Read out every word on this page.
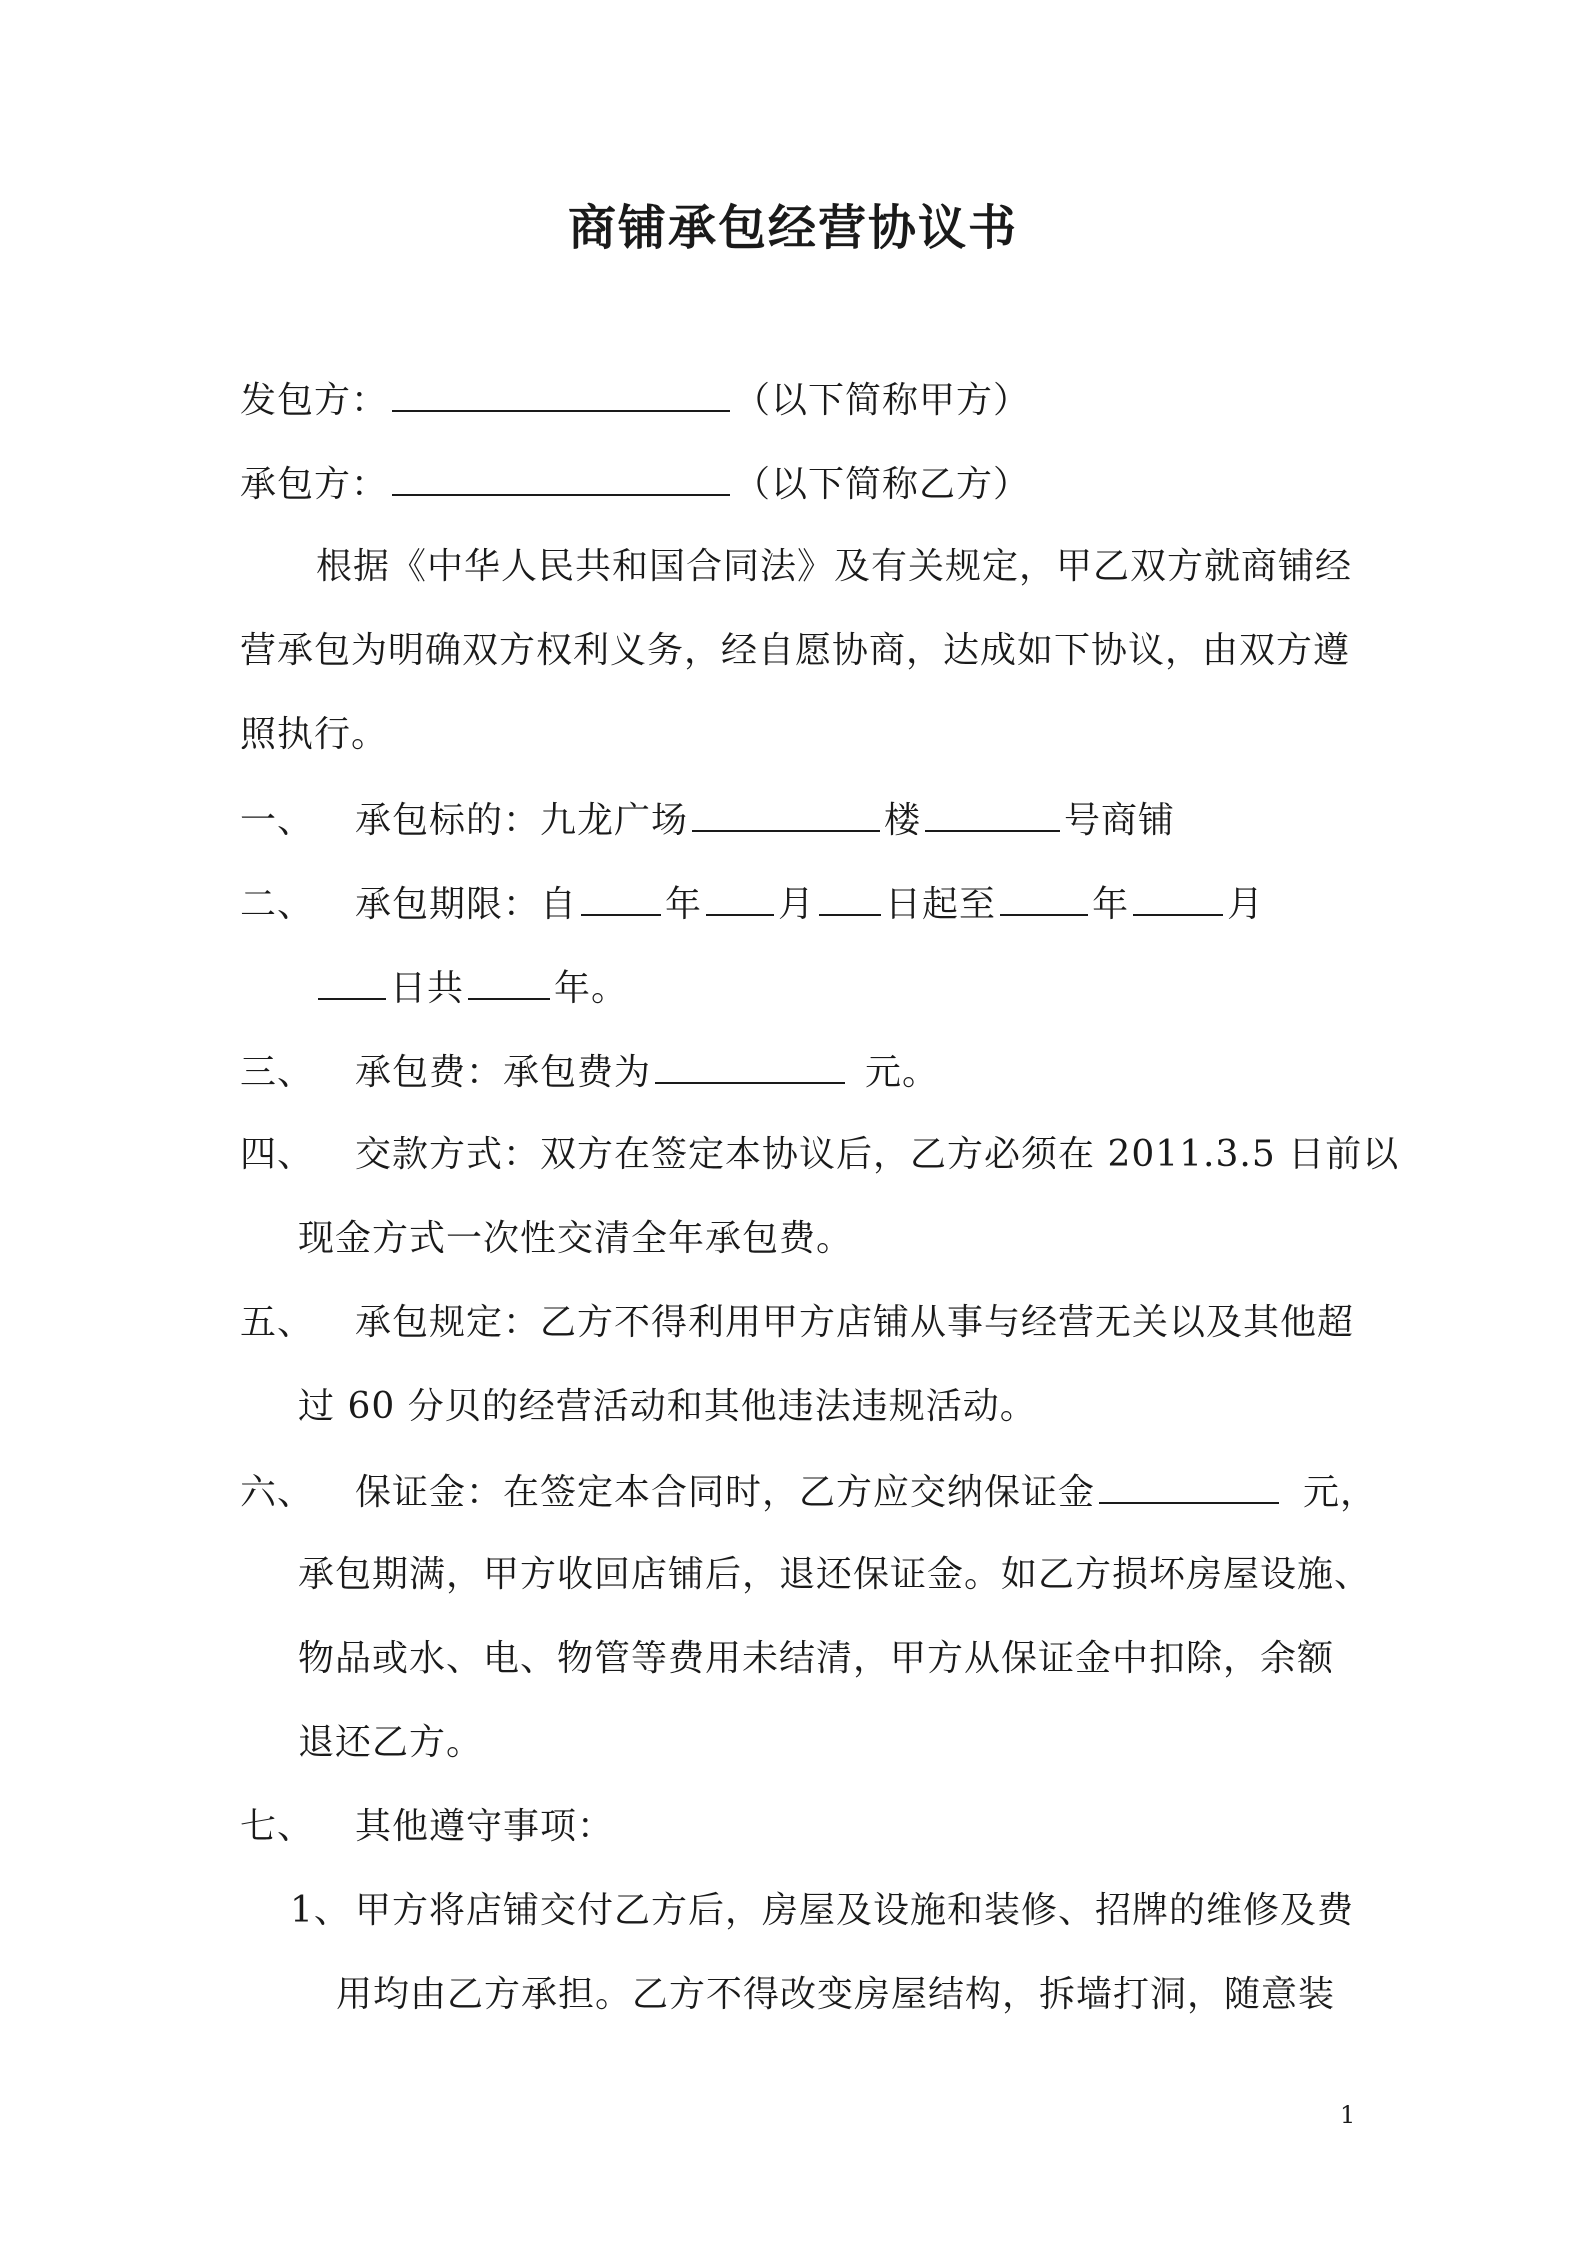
商铺承包经营协议书
发包方：	（以下简称甲方）
承包方：	（以下简称乙方）
根据《中华人民共和国合同法》及有关规定，甲乙双方就商铺经
营承包为明确双方权利义务，经自愿协商，达成如下协议，由双方遵
照执行。
一、 承包标的：九龙广场	楼	号商铺
二、 承包期限：自 年 月 日起至	年	月
日共	年。
三、 承包费：承包费为	元。
四、 交款方式：双方在签定本协议后，乙方必须在 2011.3.5 日前以
现金方式一次性交清全年承包费。
五、 承包规定：乙方不得利用甲方店铺从事与经营无关以及其他超
过 60 分贝的经营活动和其他违法违规活动。
六、 保证金：在签定本合同时，乙方应交纳保证金	元，
承包期满，甲方收回店铺后，退还保证金。如乙方损坏房屋设施、
物品或水、电、物管等费用未结清，甲方从保证金中扣除，余额
退还乙方。
七、 其他遵守事项：
1、 甲方将店铺交付乙方后，房屋及设施和装修、招牌的维修及费
用均由乙方承担。乙方不得改变房屋结构，拆墙打洞，随意装
1
